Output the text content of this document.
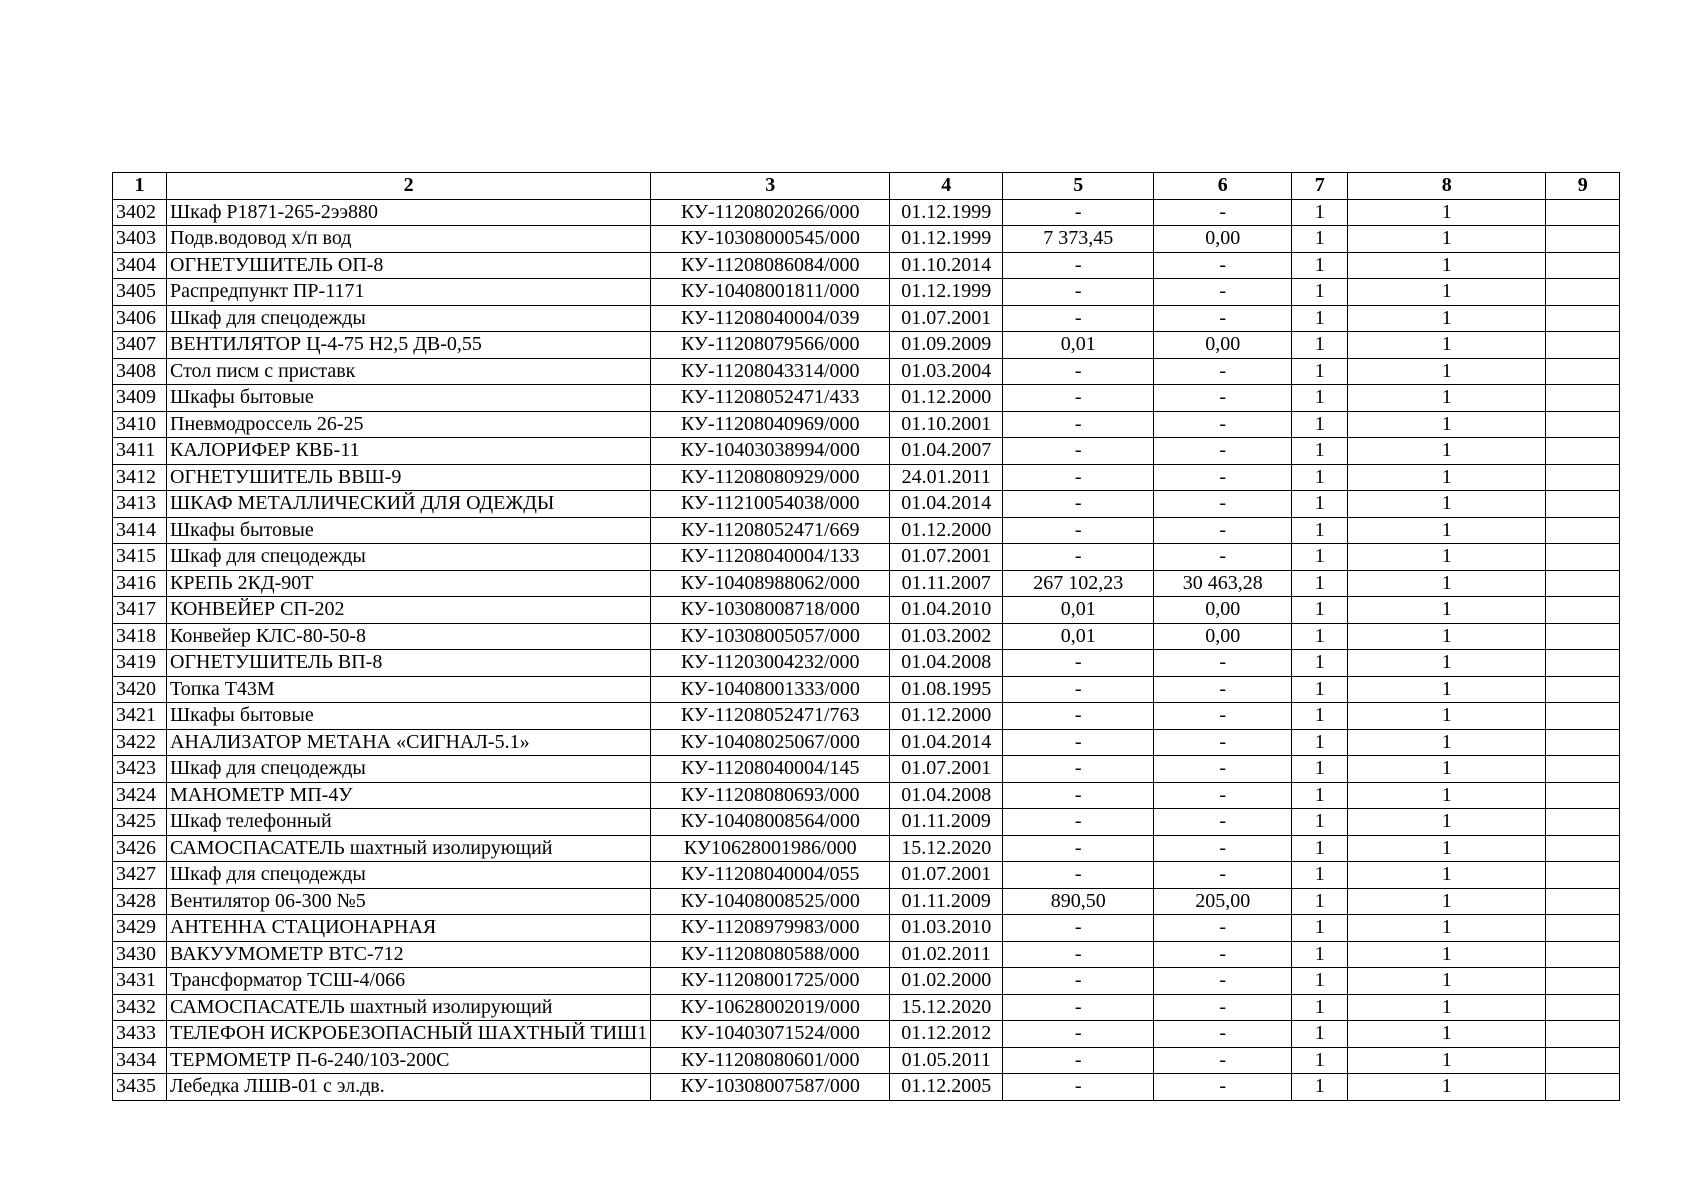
1	2	3	4	5	6	7	8	9
3402	Шкаф Р1871-265-2ээ880	КУ-11208020266/000	01.12.1999	-	-	1	1	
3403	Подв.водовод х/п вод	КУ-10308000545/000	01.12.1999	7 373,45	0,00	1	1	
3404	ОГНЕТУШИТЕЛЬ ОП-8	КУ-11208086084/000	01.10.2014	-	-	1	1	
3405	Распредпункт ПР-1171	КУ-10408001811/000	01.12.1999	-	-	1	1	
3406	Шкаф для спецодежды	КУ-11208040004/039	01.07.2001	-	-	1	1	
3407	ВЕНТИЛЯТОР Ц-4-75 Н2,5 ДВ-0,55	КУ-11208079566/000	01.09.2009	0,01	0,00	1	1	
3408	Стол писм с приставк	КУ-11208043314/000	01.03.2004	-	-	1	1	
3409	Шкафы бытовые	КУ-11208052471/433	01.12.2000	-	-	1	1	
3410	Пневмодроссель 26-25	КУ-11208040969/000	01.10.2001	-	-	1	1	
3411	КАЛОРИФЕР КВБ-11	КУ-10403038994/000	01.04.2007	-	-	1	1	
3412	ОГНЕТУШИТЕЛЬ ВВШ-9	КУ-11208080929/000	24.01.2011	-	-	1	1	
3413	ШКАФ МЕТАЛЛИЧЕСКИЙ ДЛЯ ОДЕЖДЫ	КУ-11210054038/000	01.04.2014	-	-	1	1	
3414	Шкафы бытовые	КУ-11208052471/669	01.12.2000	-	-	1	1	
3415	Шкаф для спецодежды	КУ-11208040004/133	01.07.2001	-	-	1	1	
3416	КРЕПЬ 2КД-90Т	КУ-10408988062/000	01.11.2007	267 102,23	30 463,28	1	1	
3417	КОНВЕЙЕР СП-202	КУ-10308008718/000	01.04.2010	0,01	0,00	1	1	
3418	Конвейер КЛС-80-50-8	КУ-10308005057/000	01.03.2002	0,01	0,00	1	1	
3419	ОГНЕТУШИТЕЛЬ ВП-8	КУ-11203004232/000	01.04.2008	-	-	1	1	
3420	Топка Т43М	КУ-10408001333/000	01.08.1995	-	-	1	1	
3421	Шкафы бытовые	КУ-11208052471/763	01.12.2000	-	-	1	1	
3422	АНАЛИЗАТОР МЕТАНА «СИГНАЛ-5.1»	КУ-10408025067/000	01.04.2014	-	-	1	1	
3423	Шкаф для спецодежды	КУ-11208040004/145	01.07.2001	-	-	1	1	
3424	МАНОМЕТР МП-4У	КУ-11208080693/000	01.04.2008	-	-	1	1	
3425	Шкаф телефонный	КУ-10408008564/000	01.11.2009	-	-	1	1	
3426	САМОСПАСАТЕЛЬ шахтный изолирующий	КУ10628001986/000	15.12.2020	-	-	1	1	
3427	Шкаф для спецодежды	КУ-11208040004/055	01.07.2001	-	-	1	1	
3428	Вентилятор 06-300 №5	КУ-10408008525/000	01.11.2009	890,50	205,00	1	1	
3429	АНТЕННА СТАЦИОНАРНАЯ	КУ-11208979983/000	01.03.2010	-	-	1	1	
3430	ВАКУУМОМЕТР ВТС-712	КУ-11208080588/000	01.02.2011	-	-	1	1	
3431	Трансформатор ТСШ-4/066	КУ-11208001725/000	01.02.2000	-	-	1	1	
3432	САМОСПАСАТЕЛЬ шахтный изолирующий	КУ-10628002019/000	15.12.2020	-	-	1	1	
3433	ТЕЛЕФОН ИСКРОБЕЗОПАСНЫЙ ШАХТНЫЙ ТИШ1	КУ-10403071524/000	01.12.2012	-	-	1	1	
3434	ТЕРМОМЕТР П-6-240/103-200С	КУ-11208080601/000	01.05.2011	-	-	1	1	
3435	Лебедка ЛШВ-01 с эл.дв.	КУ-10308007587/000	01.12.2005	-	-	1	1	
